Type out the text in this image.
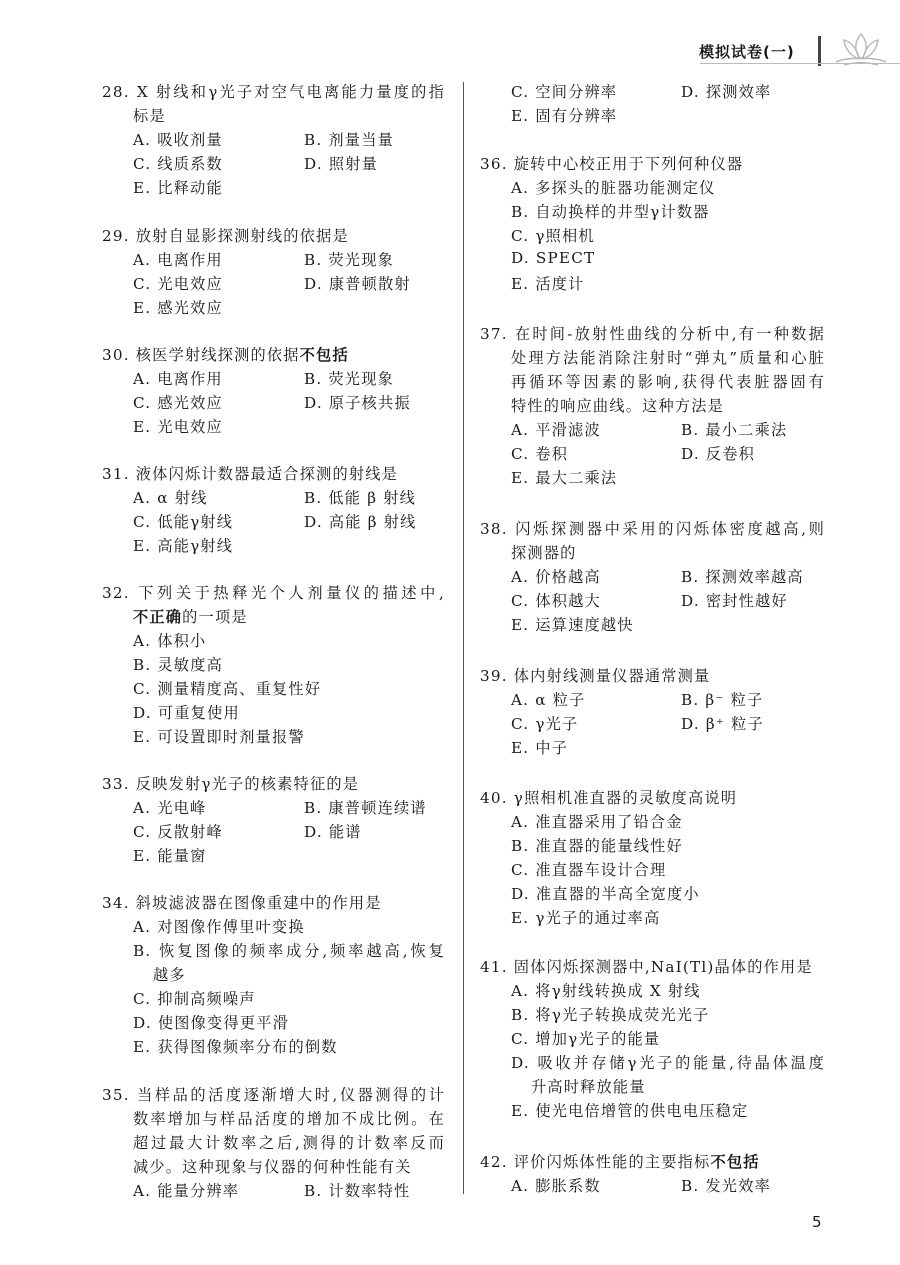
模拟试卷(一)
28. X 射线和γ光子对空气电离能力量度的指
标是
A. 吸收剂量	B. 剂量当量
C. 线质系数	D. 照射量
E. 比释动能
29. 放射自显影探测射线的依据是
A. 电离作用	B. 荧光现象
C. 光电效应	D. 康普顿散射
E. 感光效应
30. 核医学射线探测的依据不包括
A. 电离作用	B. 荧光现象
C. 感光效应	D. 原子核共振
E. 光电效应
31. 液体闪烁计数器最适合探测的射线是
A. α 射线	B. 低能 β 射线
C. 低能γ射线	D. 高能 β 射线
E. 高能γ射线
32. 下列关于热释光个人剂量仪的描述中,
不正确的一项是
A. 体积小
B. 灵敏度高
C. 测量精度高、重复性好
D. 可重复使用
E. 可设置即时剂量报警
33. 反映发射γ光子的核素特征的是
A. 光电峰	B. 康普顿连续谱
C. 反散射峰	D. 能谱
E. 能量窗
34. 斜坡滤波器在图像重建中的作用是
A. 对图像作傅里叶变换
B. 恢复图像的频率成分,频率越高,恢复
越多
C. 抑制高频噪声
D. 使图像变得更平滑
E. 获得图像频率分布的倒数
35. 当样品的活度逐渐增大时,仪器测得的计
数率增加与样品活度的增加不成比例。在
超过最大计数率之后,测得的计数率反而
减少。这种现象与仪器的何种性能有关
A. 能量分辨率	B. 计数率特性
C. 空间分辨率	D. 探测效率
E. 固有分辨率
36. 旋转中心校正用于下列何种仪器
A. 多探头的脏器功能测定仪
B. 自动换样的井型γ计数器
C. γ照相机
D. SPECT
E. 活度计
37. 在时间-放射性曲线的分析中,有一种数据
处理方法能消除注射时“弹丸”质量和心脏
再循环等因素的影响,获得代表脏器固有
特性的响应曲线。这种方法是
A. 平滑滤波	B. 最小二乘法
C. 卷积	D. 反卷积
E. 最大二乘法
38. 闪烁探测器中采用的闪烁体密度越高,则
探测器的
A. 价格越高	B. 探测效率越高
C. 体积越大	D. 密封性越好
E. 运算速度越快
39. 体内射线测量仪器通常测量
A. α 粒子	B. β⁻ 粒子
C. γ光子	D. β⁺ 粒子
E. 中子
40. γ照相机准直器的灵敏度高说明
A. 准直器采用了铅合金
B. 准直器的能量线性好
C. 准直器车设计合理
D. 准直器的半高全宽度小
E. γ光子的通过率高
41. 固体闪烁探测器中,NaI(Tl)晶体的作用是
A. 将γ射线转换成 X 射线
B. 将γ光子转换成荧光光子
C. 增加γ光子的能量
D. 吸收并存储γ光子的能量,待晶体温度
升高时释放能量
E. 使光电倍增管的供电电压稳定
42. 评价闪烁体性能的主要指标不包括
A. 膨胀系数	B. 发光效率
5
